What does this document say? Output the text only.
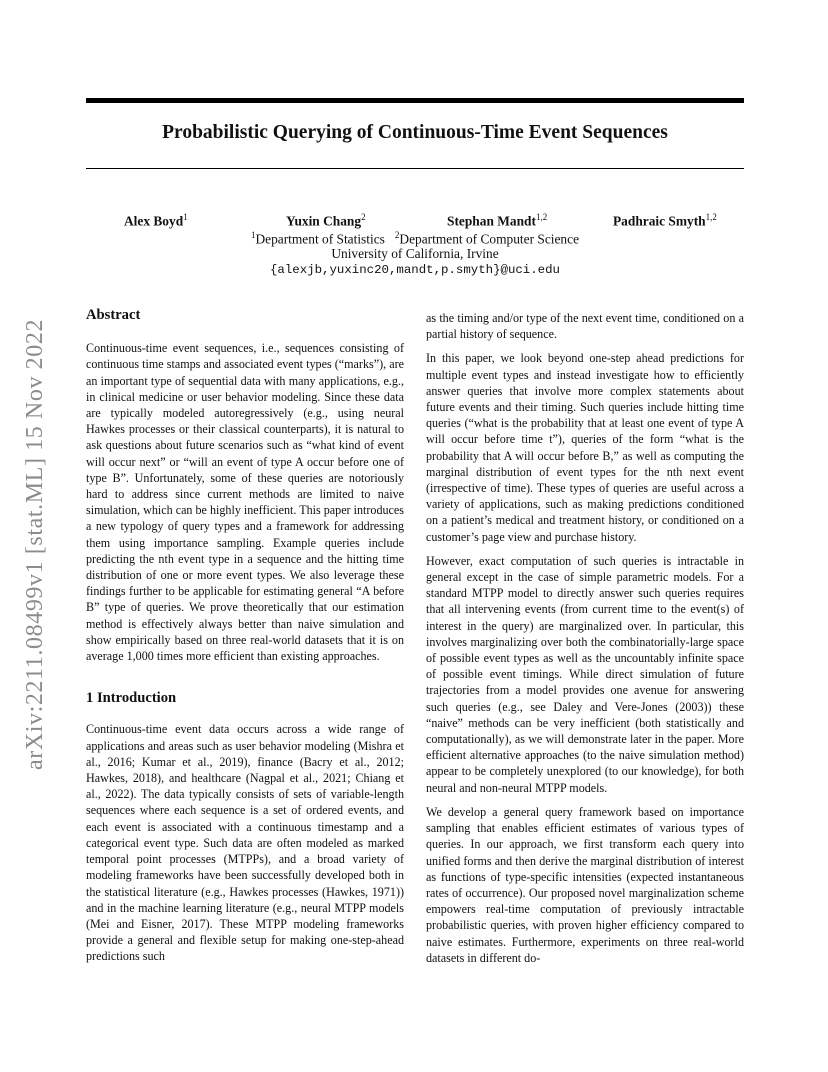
Probabilistic Querying of Continuous-Time Event Sequences
Alex Boyd$^1$	Yuxin Chang$^2$	Stephan Mandt$^{1,2}$	Padhraic Smyth$^{1,2}$
$^1$Department of Statistics $^2$Department of Computer Science
University of California, Irvine
{alexjb,yuxinc20,mandt,p.smyth}@uci.edu
arXiv:2211.08499v1 [stat.ML] 15 Nov 2022
Abstract
Continuous-time event sequences, i.e., sequences consisting of continuous time stamps and associated event types (“marks”), are an important type of sequential data with many applications, e.g., in clinical medicine or user behavior modeling. Since these data are typically modeled autoregressively (e.g., using neural Hawkes processes or their classical counterparts), it is natural to ask questions about future scenarios such as “what kind of event will occur next” or “will an event of type A occur before one of type B”. Unfortunately, some of these queries are notoriously hard to address since current methods are limited to naive simulation, which can be highly inefficient. This paper introduces a new typology of query types and a framework for addressing them using importance sampling. Example queries include predicting the nth event type in a sequence and the hitting time distribution of one or more event types. We also leverage these findings further to be applicable for estimating general “A before B” type of queries. We prove theoretically that our estimation method is effectively always better than naive simulation and show empirically based on three real-world datasets that it is on average 1,000 times more efficient than existing approaches.
1 Introduction
Continuous-time event data occurs across a wide range of applications and areas such as user behavior modeling (Mishra et al., 2016; Kumar et al., 2019), finance (Bacry et al., 2012; Hawkes, 2018), and healthcare (Nagpal et al., 2021; Chiang et al., 2022). The data typically consists of sets of variable-length sequences where each sequence is a set of ordered events, and each event is associated with a continuous timestamp and a categorical event type. Such data are often modeled as marked temporal point processes (MTPPs), and a broad variety of modeling frameworks have been successfully developed both in the statistical literature (e.g., Hawkes processes (Hawkes, 1971)) and in the machine learning literature (e.g., neural MTPP models (Mei and Eisner, 2017). These MTPP modeling frameworks provide a general and flexible setup for making one-step-ahead predictions such

as the timing and/or type of the next event time, conditioned on a partial history of sequence.

In this paper, we look beyond one-step ahead predictions for multiple event types and instead investigate how to efficiently answer queries that involve more complex statements about future events and their timing. Such queries include hitting time queries (“what is the probability that at least one event of type A will occur before time t”), queries of the form “what is the probability that A will occur before B,” as well as computing the marginal distribution of event types for the nth next event (irrespective of time). These types of queries are useful across a variety of applications, such as making predictions conditioned on a patient’s medical and treatment history, or conditioned on a customer’s page view and purchase history.

However, exact computation of such queries is intractable in general except in the case of simple parametric models. For a standard MTPP model to directly answer such queries requires that all intervening events (from current time to the event(s) of interest in the query) are marginalized over. In particular, this involves marginalizing over both the combinatorially-large space of possible event types as well as the uncountably infinite space of possible event timings. While direct simulation of future trajectories from a model provides one avenue for answering such queries (e.g., see Daley and Vere-Jones (2003)) these “naive” methods can be very inefficient (both statistically and computationally), as we will demonstrate later in the paper. More efficient alternative approaches (to the naive simulation method) appear to be completely unexplored (to our knowledge), for both neural and non-neural MTPP models.

We develop a general query framework based on importance sampling that enables efficient estimates of various types of queries. In our approach, we first transform each query into unified forms and then derive the marginal distribution of interest as functions of type-specific intensities (expected instantaneous rates of occurrence). Our proposed novel marginalization scheme empowers real-time computation of previously intractable probabilistic queries, with proven higher efficiency compared to naive estimates. Furthermore, experiments on three real-world datasets in different do-
